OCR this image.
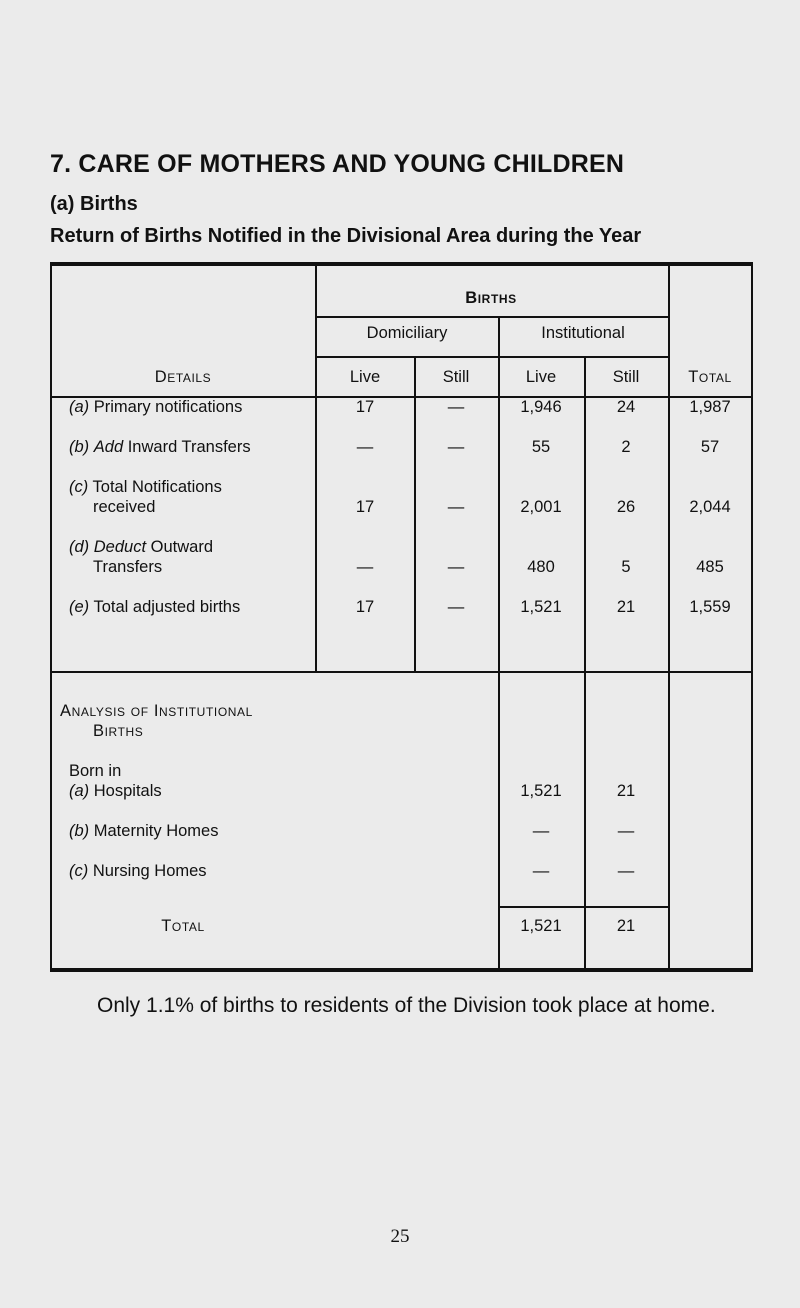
7. CARE OF MOTHERS AND YOUNG CHILDREN
(a) Births
Return of Births Notified in the Divisional Area during the Year
Births
Domiciliary	Institutional
Details	Live	Still	Live	Still	Total
(a) Primary notifications	17	—	1,946	24	1,987
(b) Add Inward Transfers	—	—	55	2	57
(c) Total Notifications
received	17	—	2,001	26	2,044
(d) Deduct Outward
Transfers	—	—	480	5	485
(e) Total adjusted births	17	—	1,521	21	1,559
Analysis of Institutional
Births
Born in
(a) Hospitals	1,521	21
(b) Maternity Homes	—	—
(c) Nursing Homes	—	—
Total	1,521	21
Only 1.1% of births to residents of the Division took place at home.
25
